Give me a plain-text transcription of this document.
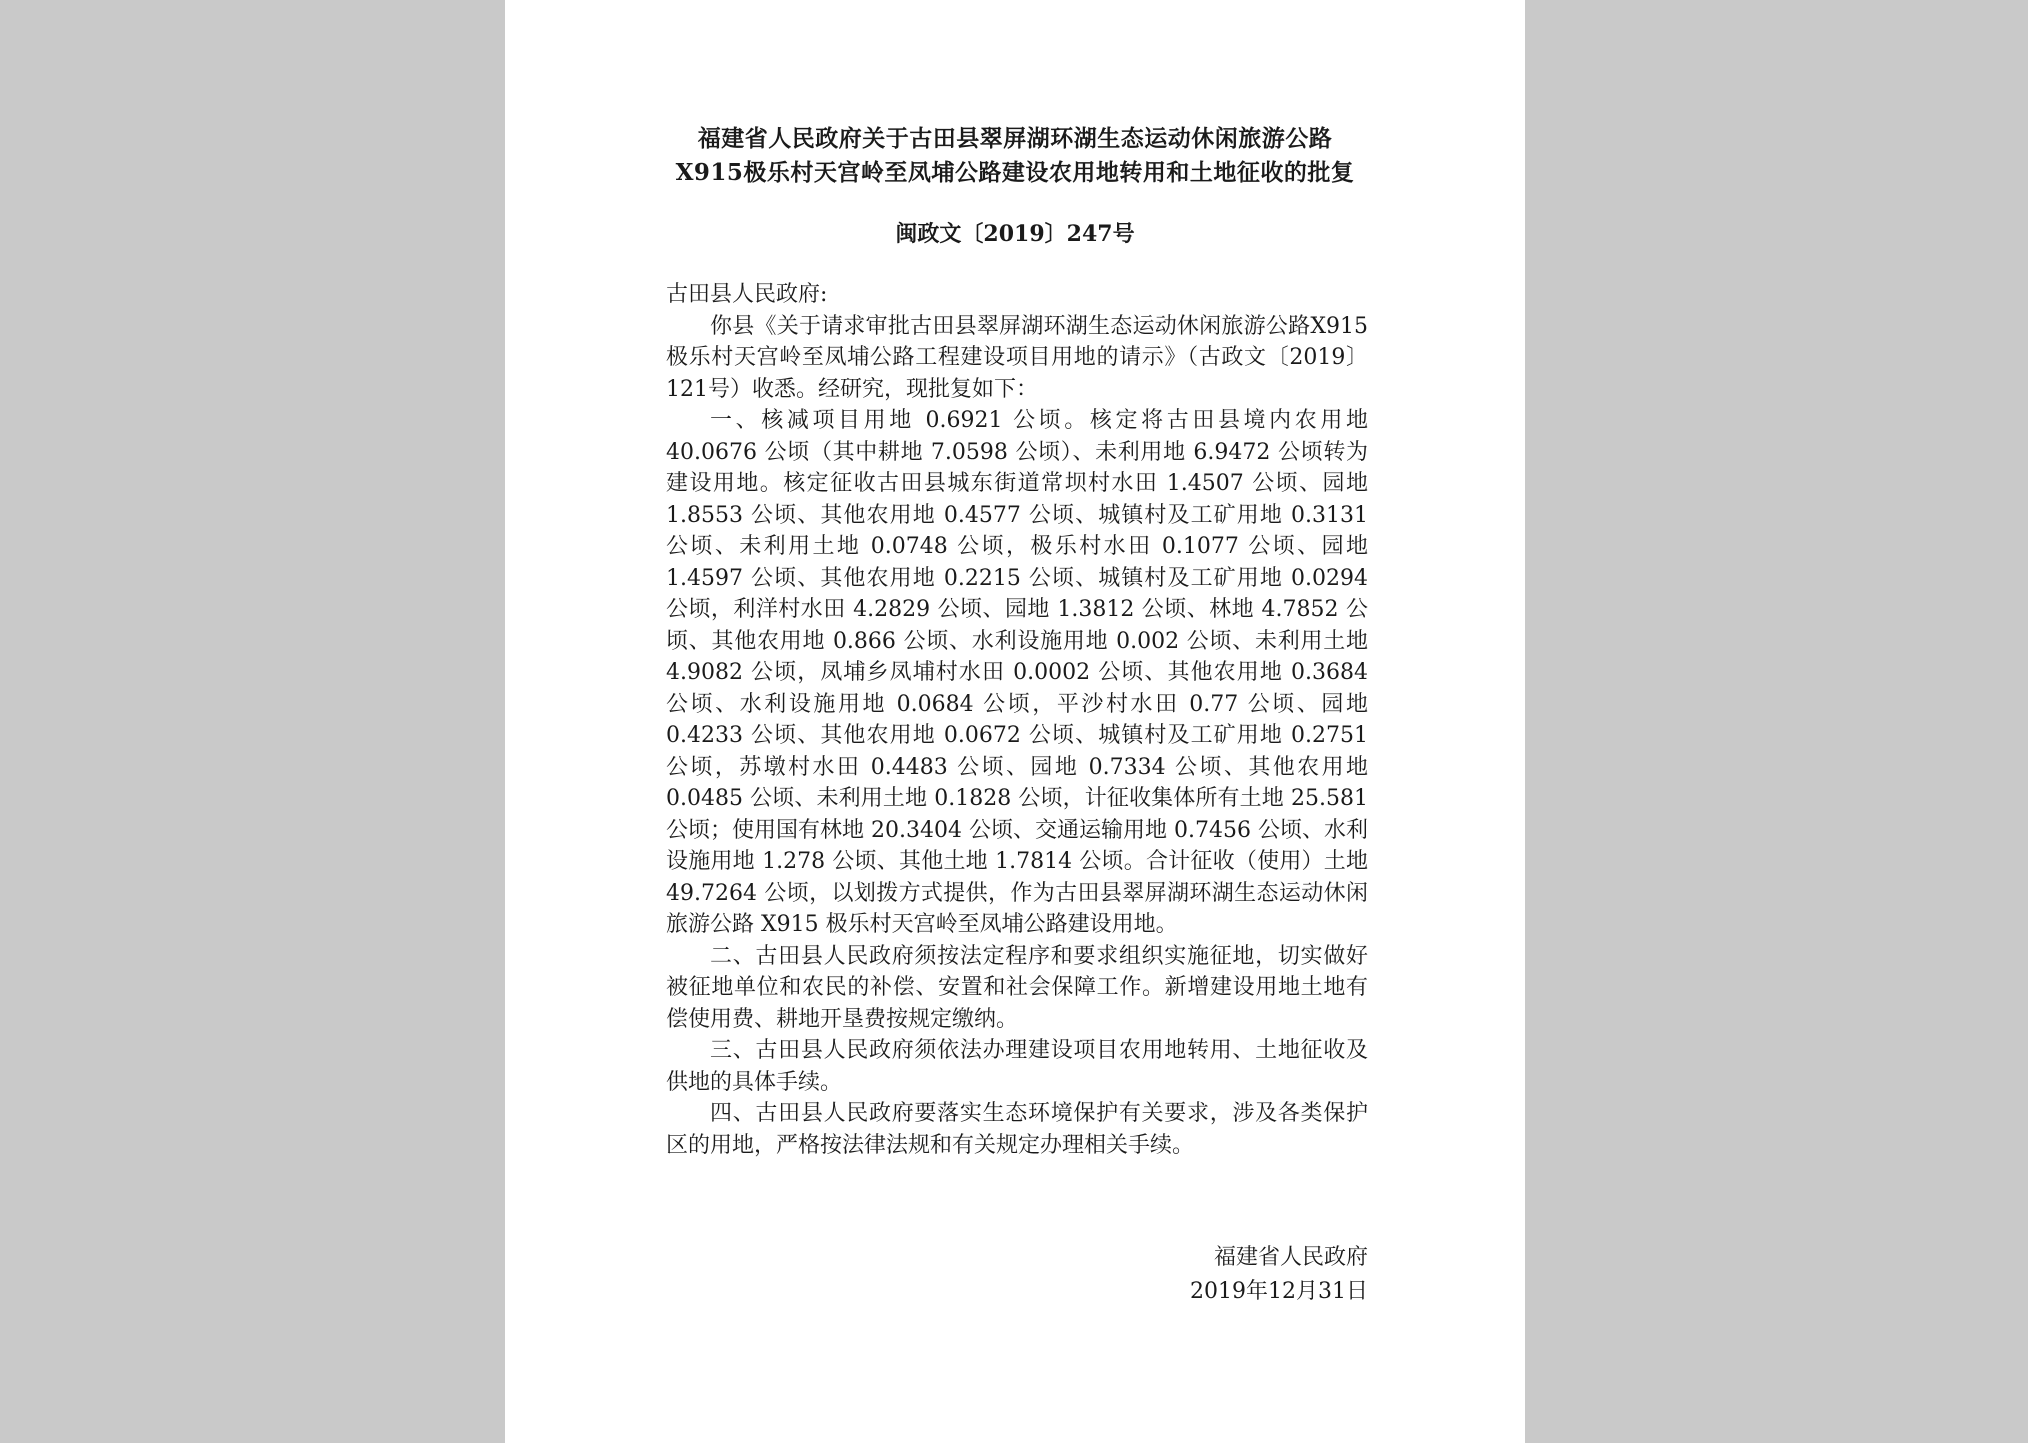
福建省人民政府关于古田县翠屏湖环湖生态运动休闲旅游公路
X915极乐村天宫岭至凤埔公路建设农用地转用和土地征收的批复
闽政文〔2019〕247号

古田县人民政府:

你县《关于请求审批古田县翠屏湖环湖生态运动休闲旅游公路X915 极乐村天宫岭至凤埔公路工程建设项目用地的请示》（古政文〔2019〕121号）收悉。经研究，现批复如下：

一、核减项目用地 0.6921 公顷。核定将古田县境内农用地 40.0676 公顷（其中耕地 7.0598 公顷）、未利用地 6.9472 公顷转为建设用地。核定征收古田县城东街道常坝村水田 1.4507 公顷、园地 1.8553 公顷、其他农用地 0.4577 公顷、城镇村及工矿用地 0.3131 公顷、未利用土地 0.0748 公顷，极乐村水田 0.1077 公顷、园地 1.4597 公顷、其他农用地 0.2215 公顷、城镇村及工矿用地 0.0294 公顷，利洋村水田 4.2829 公顷、园地 1.3812 公顷、林地 4.7852 公顷、其他农用地 0.866 公顷、水利设施用地 0.002 公顷、未利用土地 4.9082 公顷，凤埔乡凤埔村水田 0.0002 公顷、其他农用地 0.3684 公顷、水利设施用地 0.0684 公顷，平沙村水田 0.77 公顷、园地 0.4233 公顷、其他农用地 0.0672 公顷、城镇村及工矿用地 0.2751 公顷，苏墩村水田 0.4483 公顷、园地 0.7334 公顷、其他农用地 0.0485 公顷、未利用土地 0.1828 公顷，计征收集体所有土地 25.581 公顷；使用国有林地 20.3404 公顷、交通运输用地 0.7456 公顷、水利设施用地 1.278 公顷、其他土地 1.7814 公顷。合计征收（使用）土地 49.7264 公顷，以划拨方式提供，作为古田县翠屏湖环湖生态运动休闲旅游公路 X915 极乐村天宫岭至凤埔公路建设用地。

二、古田县人民政府须按法定程序和要求组织实施征地，切实做好被征地单位和农民的补偿、安置和社会保障工作。新增建设用地土地有偿使用费、耕地开垦费按规定缴纳。

三、古田县人民政府须依法办理建设项目农用地转用、土地征收及供地的具体手续。

四、古田县人民政府要落实生态环境保护有关要求，涉及各类保护区的用地，严格按法律法规和有关规定办理相关手续。

福建省人民政府
2019年12月31日
